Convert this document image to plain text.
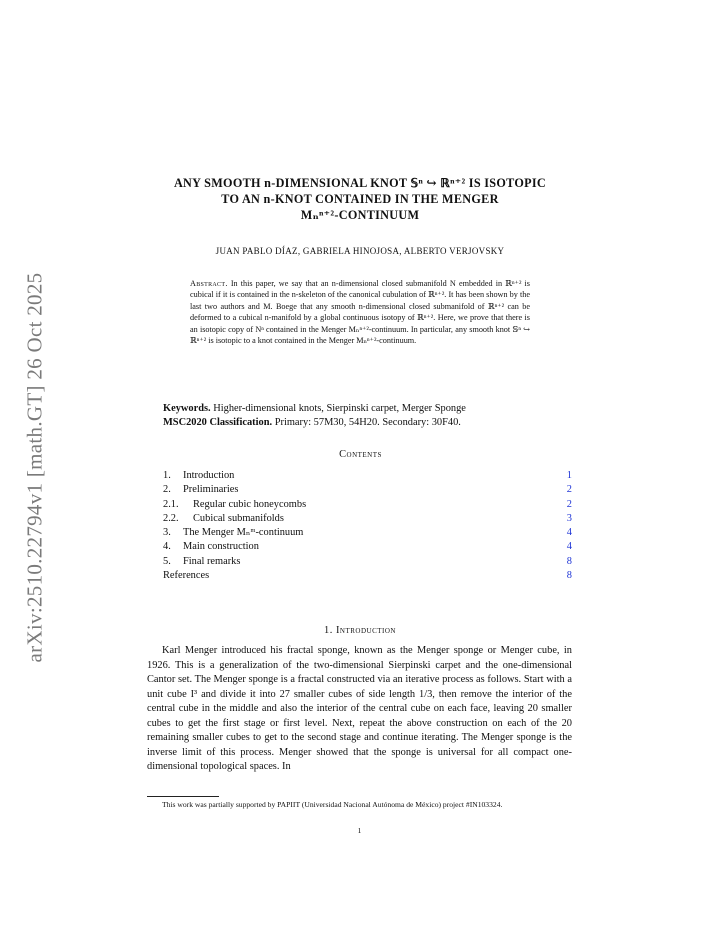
arXiv:2510.22794v1 [math.GT] 26 Oct 2025
ANY SMOOTH n-DIMENSIONAL KNOT 𝕊ⁿ ↪ ℝⁿ⁺² IS ISOTOPIC
TO AN n-KNOT CONTAINED IN THE MENGER
Mₙⁿ⁺²-CONTINUUM
JUAN PABLO DÍAZ, GABRIELA HINOJOSA, ALBERTO VERJOVSKY
Abstract. In this paper, we say that an n-dimensional closed submanifold N embedded in ℝⁿ⁺² is cubical if it is contained in the n-skeleton of the canonical cubulation of ℝⁿ⁺². It has been shown by the last two authors and M. Boege that any smooth n-dimensional closed submanifold of ℝⁿ⁺² can be deformed to a cubical n-manifold by a global continuous isotopy of ℝⁿ⁺². Here, we prove that there is an isotopic copy of Nⁿ contained in the Menger Mₙⁿ⁺²-continuum. In particular, any smooth knot 𝕊ⁿ ↪ ℝⁿ⁺² is isotopic to a knot contained in the Menger Mₙⁿ⁺²-continuum.
Keywords. Higher-dimensional knots, Sierpinski carpet, Merger Sponge
MSC2020 Classification. Primary: 57M30, 54H20. Secondary: 30F40.
Contents
1. Introduction	1
2. Preliminaries	2
2.1. Regular cubic honeycombs	2
2.2. Cubical submanifolds	3
3. The Menger Mₙᵐ-continuum	4
4. Main construction	4
5. Final remarks	8
References	8
1. Introduction

Karl Menger introduced his fractal sponge, known as the Menger sponge or Menger cube, in 1926. This is a generalization of the two-dimensional Sierpinski carpet and the one-dimensional Cantor set. The Menger sponge is a fractal constructed via an iterative process as follows. Start with a unit cube I³ and divide it into 27 smaller cubes of side length 1/3, then remove the interior of the central cube in the middle and also the interior of the central cube on each face, leaving 20 smaller cubes to get the first stage or first level. Next, repeat the above construction on each of the 20 remaining smaller cubes to get to the second stage and continue iterating. The Menger sponge is the inverse limit of this process. Menger showed that the sponge is universal for all compact one-dimensional topological spaces. In

This work was partially supported by PAPIIT (Universidad Nacional Autónoma de México) project #IN103324.
1
